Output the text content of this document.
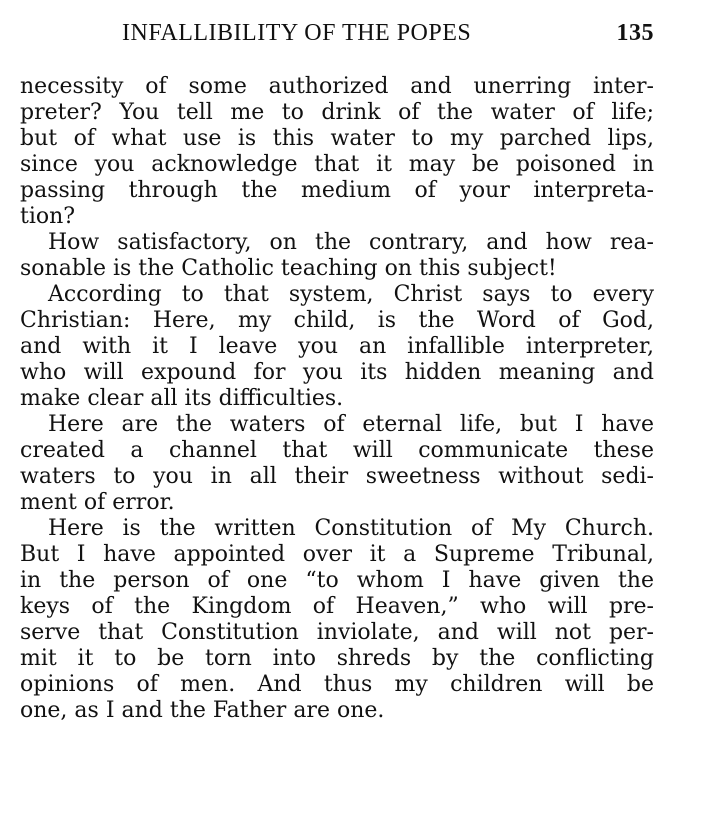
INFALLIBILITY OF THE POPES	135
necessity of some authorized and unerring inter-
preter? You tell me to drink of the water of life;
but of what use is this water to my parched lips,
since you acknowledge that it may be poisoned in
passing through the medium of your interpreta-
tion?
How satisfactory, on the contrary, and how rea-
sonable is the Catholic teaching on this subject!
According to that system, Christ says to every
Christian: Here, my child, is the Word of God,
and with it I leave you an infallible interpreter,
who will expound for you its hidden meaning and
make clear all its difficulties.
Here are the waters of eternal life, but I have
created a channel that will communicate these
waters to you in all their sweetness without sedi-
ment of error.
Here is the written Constitution of My Church.
But I have appointed over it a Supreme Tribunal,
in the person of one “to whom I have given the
keys of the Kingdom of Heaven,” who will pre-
serve that Constitution inviolate, and will not per-
mit it to be torn into shreds by the conflicting
opinions of men. And thus my children will be
one, as I and the Father are one.
